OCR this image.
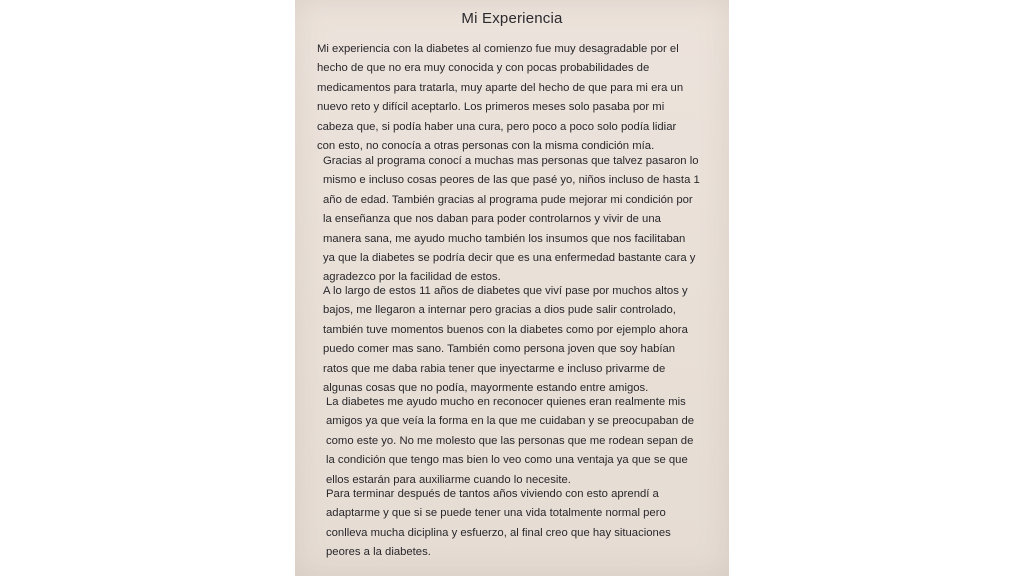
Mi Experiencia

Mi experiencia con la diabetes al comienzo fue muy desagradable por el
hecho de que no era muy conocida y con pocas probabilidades de
medicamentos para tratarla, muy aparte del hecho de que para mi era un
nuevo reto y difícil aceptarlo. Los primeros meses solo pasaba por mi
cabeza que, si podía haber una cura, pero poco a poco solo podía lidiar
con esto, no conocía a otras personas con la misma condición mía.

Gracias al programa conocí a muchas mas personas que talvez pasaron lo
mismo e incluso cosas peores de las que pasé yo, niños incluso de hasta 1
año de edad. También gracias al programa pude mejorar mi condición por
la enseñanza que nos daban para poder controlarnos y vivir de una
manera sana, me ayudo mucho también los insumos que nos facilitaban
ya que la diabetes se podría decir que es una enfermedad bastante cara y
agradezco por la facilidad de estos.

A lo largo de estos 11 años de diabetes que viví pase por muchos altos y
bajos, me llegaron a internar pero gracias a dios pude salir controlado,
también tuve momentos buenos con la diabetes como por ejemplo ahora
puedo comer mas sano. También como persona joven que soy habían
ratos que me daba rabia tener que inyectarme e incluso privarme de
algunas cosas que no podía, mayormente estando entre amigos.

La diabetes me ayudo mucho en reconocer quienes eran realmente mis
amigos ya que veía la forma en la que me cuidaban y se preocupaban de
como este yo. No me molesto que las personas que me rodean sepan de
la condición que tengo mas bien lo veo como una ventaja ya que se que
ellos estarán para auxiliarme cuando lo necesite.

Para terminar después de tantos años viviendo con esto aprendí a
adaptarme y que si se puede tener una vida totalmente normal pero
conlleva mucha diciplina y esfuerzo, al final creo que hay situaciones
peores a la diabetes.
